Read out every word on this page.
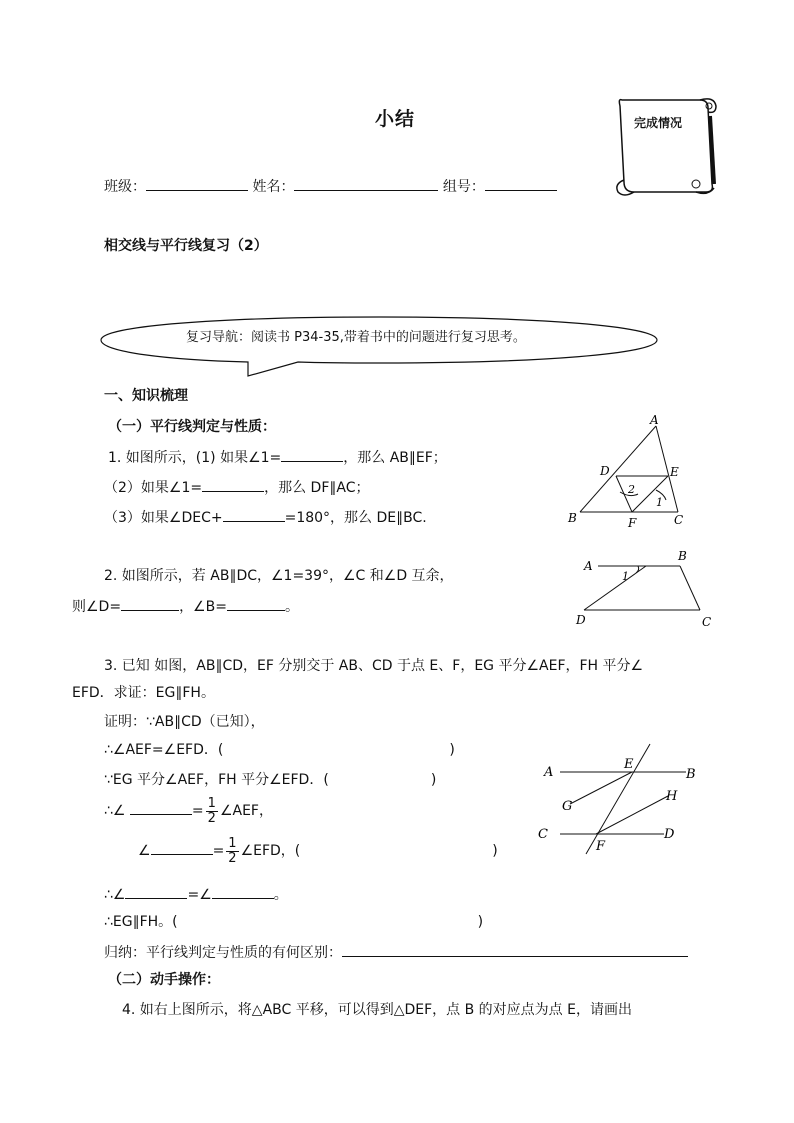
小结	完成情况
班级：	姓名：	组号：
相交线与平行线复习（2）
复习导航：阅读书 P34-35,带着书中的问题进行复习思考。
一、知识梳理
（一）平行线判定与性质：
1. 如图所示，(1) 如果∠1=	，那么 AB∥EF；
（2）如果∠1=	，那么 DF∥AC；
（3）如果∠DEC+	=180°，那么 DE∥BC.
A
D	E
B	F	C
2
1
2. 如图所示，若 AB∥DC，∠1=39°，∠C 和∠D 互余，
则∠D=	，∠B=	。
A
B
C
D
1
3. 已知 如图，AB∥CD，EF 分别交于 AB、CD 于点 E、F，EG 平分∠AEF，FH 平分∠
EFD．求证：EG∥FH。
证明：∵AB∥CD（已知），
∴∠AEF=∠EFD．(	)
∵EG 平分∠AEF，FH 平分∠EFD．(	)
∴∠	= $\frac{1}{2}$ ∠AEF，
∠	= $\frac{1}{2}$ ∠EFD，(	)
∴∠	=∠	。
∴EG∥FH。(	)
A
E
B
G
H
C	D
F
归纳：平行线判定与性质的有何区别：
（二）动手操作：
4. 如右上图所示，将△ABC 平移，可以得到△DEF，点 B 的对应点为点 E，请画出
